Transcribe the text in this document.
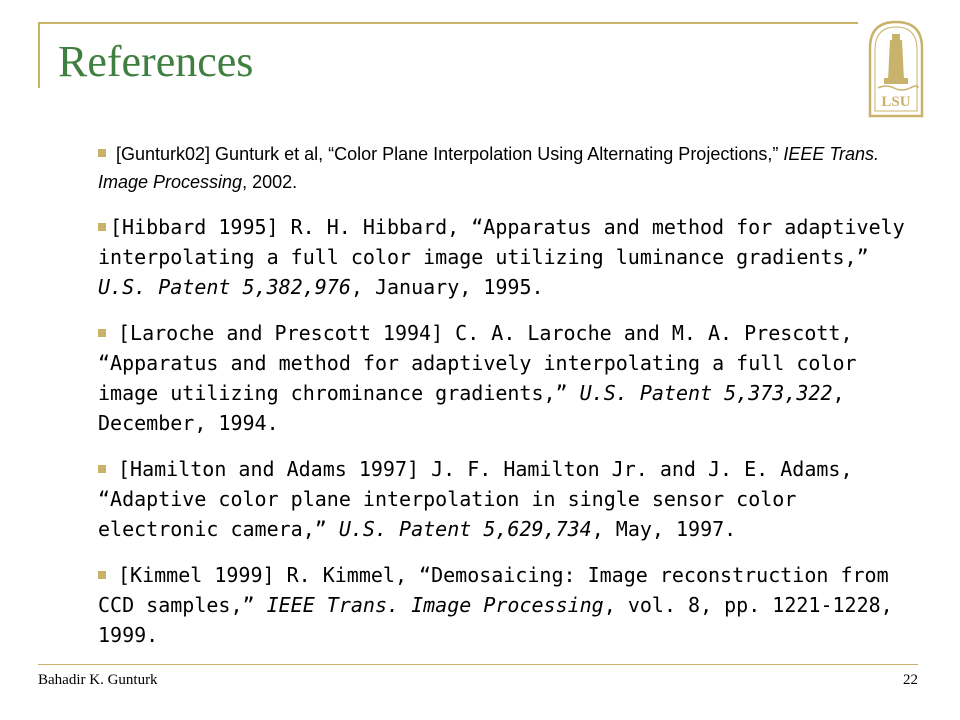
References
LSU
[Gunturk02] Gunturk et al, “Color Plane Interpolation Using Alternating Projections,” IEEE Trans. Image Processing, 2002.
[Hibbard 1995] R. H. Hibbard, “Apparatus and method for adaptively interpolating a full color image utilizing luminance gradients,” U.S. Patent 5,382,976, January, 1995.
[Laroche and Prescott 1994] C. A. Laroche and M. A. Prescott, “Apparatus and method for adaptively interpolating a full color image utilizing chrominance gradients,” U.S. Patent 5,373,322, December, 1994.
[Hamilton and Adams 1997] J. F. Hamilton Jr. and J. E. Adams, “Adaptive color plane interpolation in single sensor color electronic camera,” U.S. Patent 5,629,734, May, 1997.
[Kimmel 1999] R. Kimmel, “Demosaicing: Image reconstruction from CCD samples,” IEEE Trans. Image Processing, vol. 8, pp. 1221-1228, 1999.
Bahadir K. Gunturk	22
